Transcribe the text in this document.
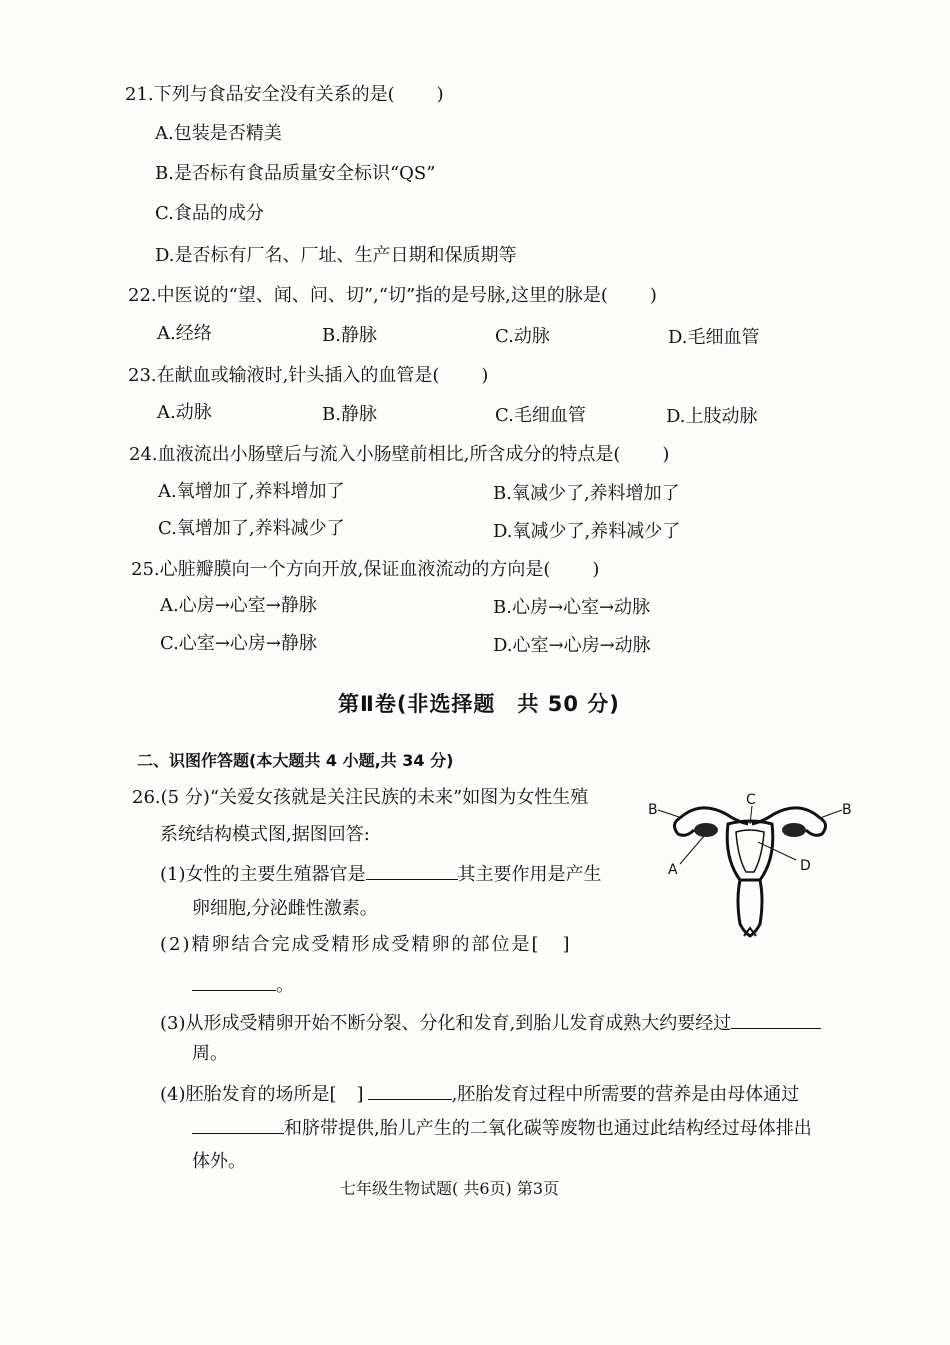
21.下列与食品安全没有关系的是( )
A.包装是否精美
B.是否标有食品质量安全标识“QS”
C.食品的成分
D.是否标有厂名、厂址、生产日期和保质期等
22.中医说的“望、闻、问、切”,“切”指的是号脉,这里的脉是( )
A.经络	B.静脉	C.动脉	D.毛细血管
23.在献血或输液时,针头插入的血管是( )
A.动脉	B.静脉	C.毛细血管	D.上肢动脉
24.血液流出小肠壁后与流入小肠壁前相比,所含成分的特点是( )
A.氧增加了,养料增加了	B.氧减少了,养料增加了
C.氧增加了,养料减少了	D.氧减少了,养料减少了
25.心脏瓣膜向一个方向开放,保证血液流动的方向是( )
A.心房→心室→静脉	B.心房→心室→动脉
C.心室→心房→静脉	D.心室→心房→动脉
第Ⅱ卷(非选择题　共 50 分)
二、识图作答题(本大题共 4 小题,共 34 分)
26.(5 分)“关爱女孩就是关注民族的未来”如图为女性生殖
系统结构模式图,据图回答:
(1)女性的主要生殖器官是	其主要作用是产生
卵细胞,分泌雌性激素。
(2)精卵结合完成受精形成受精卵的部位是[ ]
。
(3)从形成受精卵开始不断分裂、分化和发育,到胎儿发育成熟大约要经过
周。
(4)胚胎发育的场所是[ ]	,胚胎发育过程中所需要的营养是由母体通过
和脐带提供,胎儿产生的二氧化碳等废物也通过此结构经过母体排出
体外。
A
B	B
C
D
七年级生物试题( 共6页) 第3页
